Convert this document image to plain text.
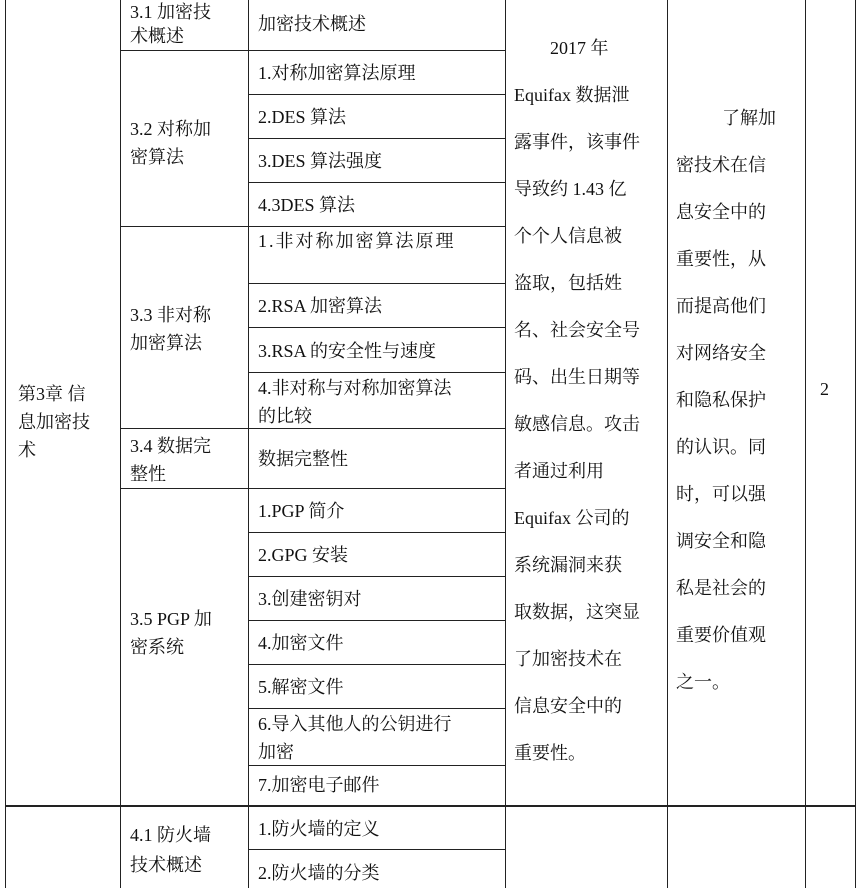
第3章 信
息加密技
术
3.1 加密技
术概述
3.2 对称加
密算法
3.3 非对称
加密算法
3.4 数据完
整性
3.5 PGP 加
密系统
4.1 防火墙
技术概述
加密技术概述
1.对称加密算法原理
2.DES 算法
3.DES 算法强度
4.3DES 算法
1.非对称加密算法原理
2.RSA 加密算法
3.RSA 的安全性与速度
4.非对称与对称加密算法
的比较
数据完整性
1.PGP 简介
2.GPG 安装
3.创建密钥对
4.加密文件
5.解密文件
6.导入其他人的公钥进行
加密
7.加密电子邮件
1.防火墙的定义
2.防火墙的分类
2017 年
Equifax 数据泄
露事件，该事件
导致约 1.43 亿
个个人信息被
盗取，包括姓
名、社会安全号
码、出生日期等
敏感信息。攻击
者通过利用
Equifax 公司的
系统漏洞来获
取数据，这突显
了加密技术在
信息安全中的
重要性。
了解加
密技术在信
息安全中的
重要性，从
而提高他们
对网络安全
和隐私保护
的认识。同
时，可以强
调安全和隐
私是社会的
重要价值观
之一。
2
